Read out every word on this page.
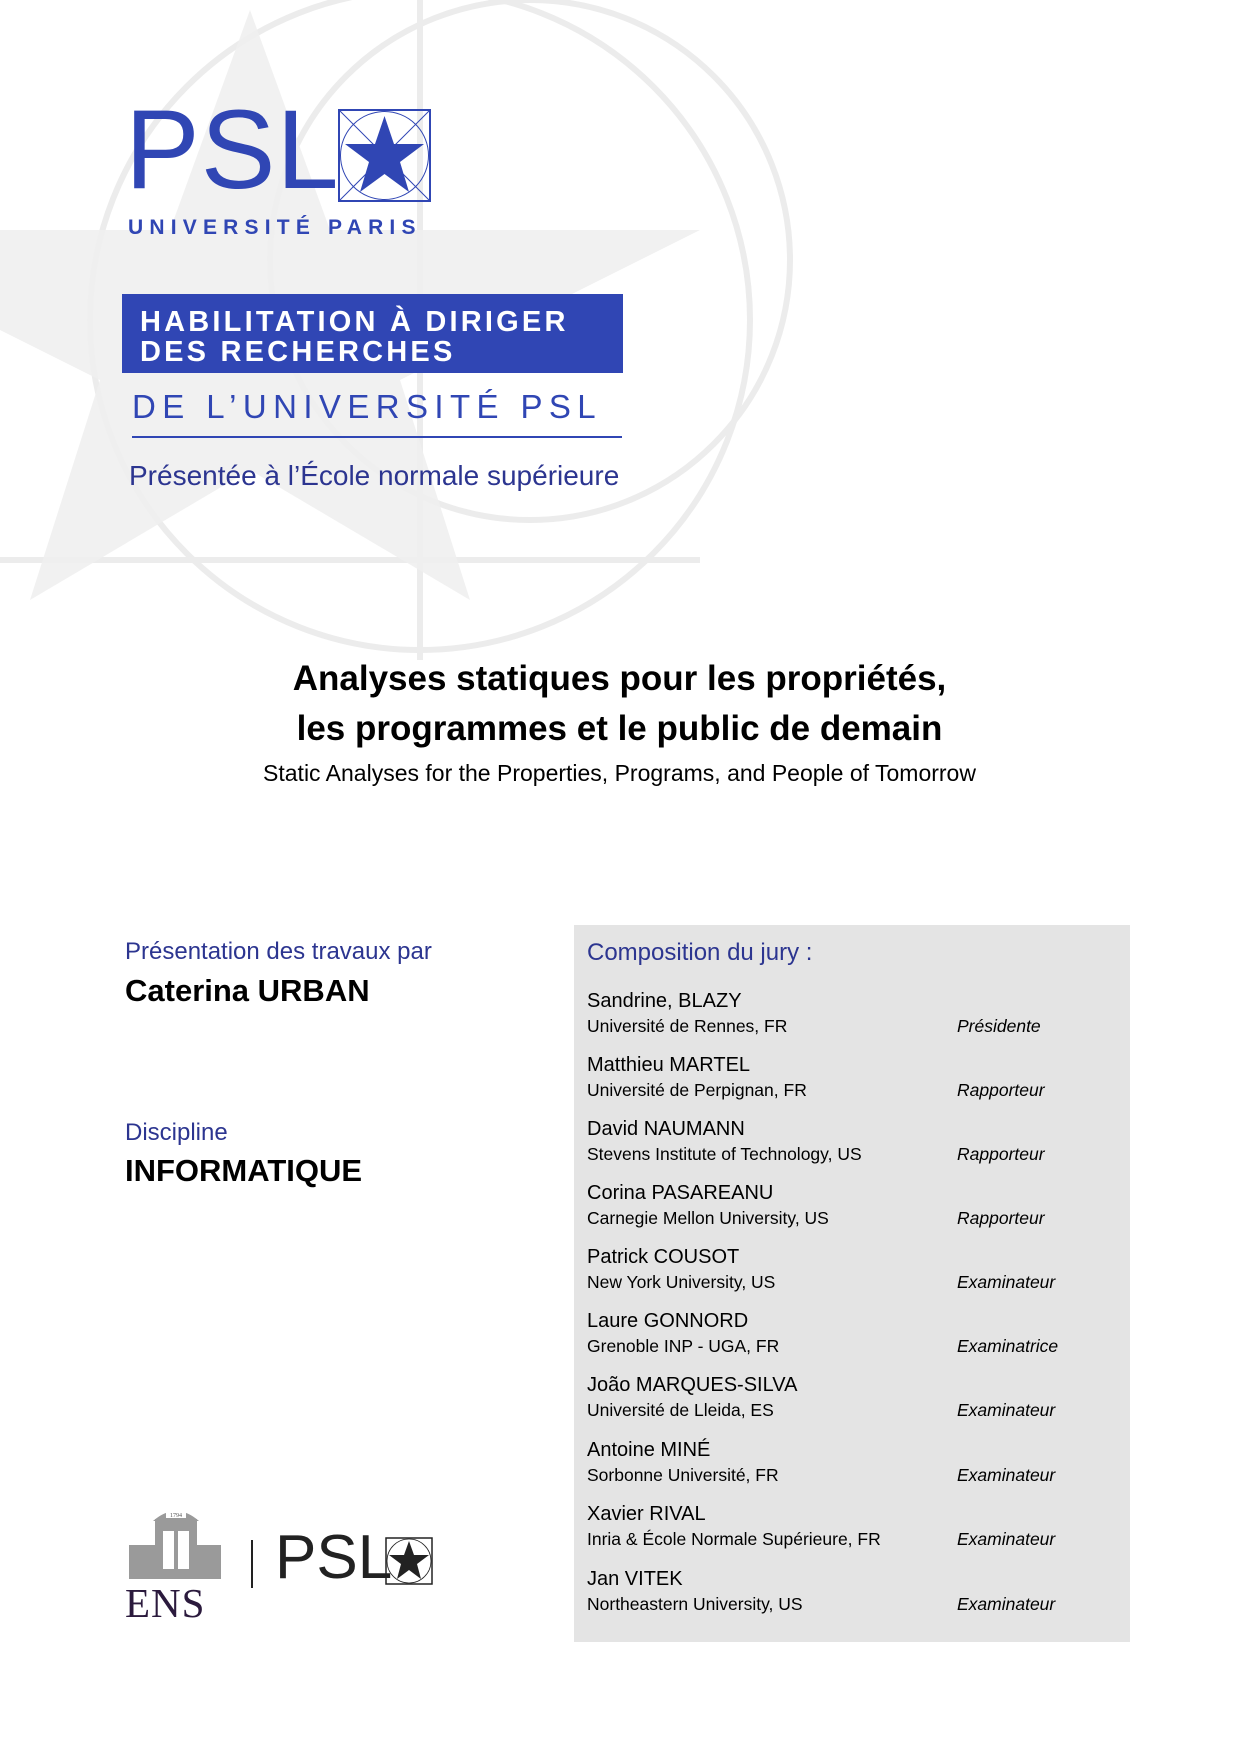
PSL
UNIVERSITÉ PARIS
HABILITATION À DIRIGER
DES RECHERCHES
DE L’UNIVERSITÉ PSL
Présentée à l’École normale supérieure
Analyses statiques pour les propriétés,
les programmes et le public de demain
Static Analyses for the Properties, Programs, and People of Tomorrow
Présentation des travaux par
Caterina URBAN
Discipline
INFORMATIQUE
Composition du jury :
Sandrine, BLAZY
Université de Rennes, FR	Présidente
Matthieu MARTEL
Université de Perpignan, FR	Rapporteur
David NAUMANN
Stevens Institute of Technology, US	Rapporteur
Corina PASAREANU
Carnegie Mellon University, US	Rapporteur
Patrick COUSOT
New York University, US	Examinateur
Laure GONNORD
Grenoble INP - UGA, FR	Examinatrice
João MARQUES-SILVA
Université de Lleida, ES	Examinateur
Antoine MINÉ
Sorbonne Université, FR	Examinateur
Xavier RIVAL
Inria & École Normale Supérieure, FR	Examinateur
Jan VITEK
Northeastern University, US	Examinateur
1794
ENS
PSL
